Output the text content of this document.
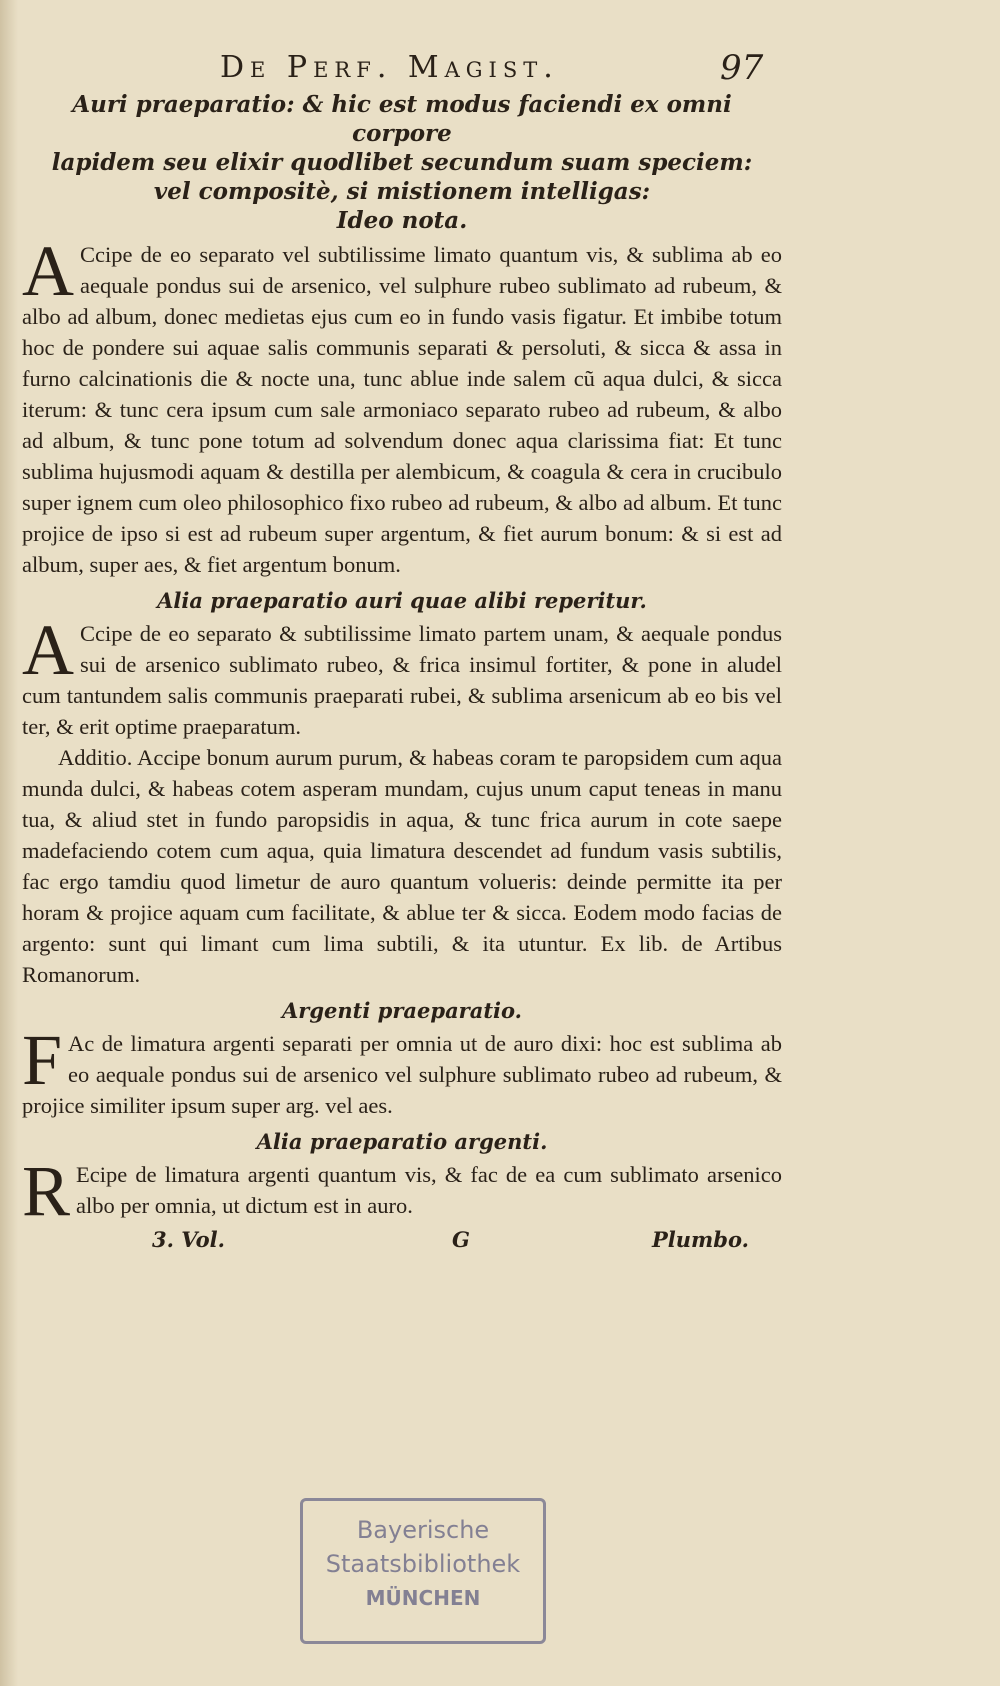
De Perf. Magist.	97

Auri praeparatio: & hic est modus faciendi ex omni corpore

lapidem seu elixir quodlibet secundum suam speciem:

vel compositè, si mistionem intelligas:

Ideo nota.

A Ccipe de eo separato vel subtilissime limato quantum vis, & sublima ab eo aequale pondus sui de arsenico, vel sulphure rubeo sublimato ad rubeum, & albo ad album, donec medietas ejus cum eo in fundo vasis figatur. Et imbibe totum hoc de pondere sui aquae salis communis separati & persoluti, & sicca & assa in furno calcinationis die & nocte una, tunc ablue inde salem cũ aqua dulci, & sicca iterum: & tunc cera ipsum cum sale armoniaco separato rubeo ad rubeum, & albo ad album, & tunc pone totum ad solvendum donec aqua clarissima fiat: Et tunc sublima hujusmodi aquam & destilla per alembicum, & coagula & cera in crucibulo super ignem cum oleo philosophico fixo rubeo ad rubeum, & albo ad album. Et tunc projice de ipso si est ad rubeum super argentum, & fiet aurum bonum: & si est ad album, super aes, & fiet argentum bonum.

Alia praeparatio auri quae alibi reperitur.

A Ccipe de eo separato & subtilissime limato partem unam, & aequale pondus sui de arsenico sublimato rubeo, & frica insimul fortiter, & pone in aludel cum tantundem salis communis praeparati rubei, & sublima arsenicum ab eo bis vel ter, & erit optime praeparatum.

Additio. Accipe bonum aurum purum, & habeas coram te paropsidem cum aqua munda dulci, & habeas cotem asperam mundam, cujus unum caput teneas in manu tua, & aliud stet in fundo paropsidis in aqua, & tunc frica aurum in cote saepe madefaciendo cotem cum aqua, quia limatura descendet ad fundum vasis subtilis, fac ergo tamdiu quod limetur de auro quantum volueris: deinde permitte ita per horam & projice aquam cum facilitate, & ablue ter & sicca. Eodem modo facias de argento: sunt qui limant cum lima subtili, & ita utuntur. Ex lib. de Artibus Romanorum.

Argenti praeparatio.

F Ac de limatura argenti separati per omnia ut de auro dixi: hoc est sublima ab eo aequale pondus sui de arsenico vel sulphure sublimato rubeo ad rubeum, & projice similiter ipsum super arg. vel aes.

Alia praeparatio argenti.

R Ecipe de limatura argenti quantum vis, & fac de ea cum sublimato arsenico albo per omnia, ut dictum est in auro.

3. Vol.	G	Plumbo.
Bayerische
Staatsbibliothek
MÜNCHEN
